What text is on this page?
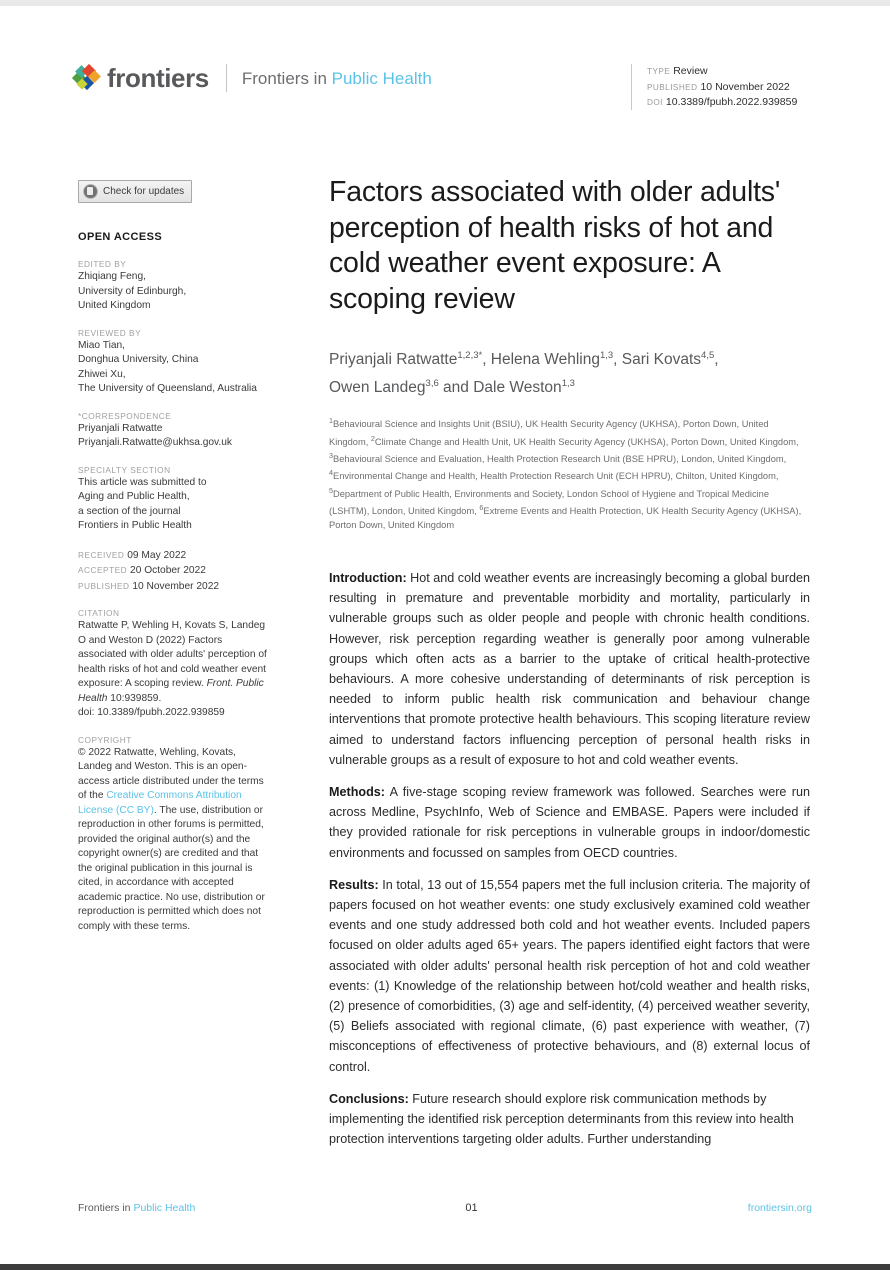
frontiers Frontiers in Public Health	TYPE Review
PUBLISHED 10 November 2022
DOI 10.3389/fpubh.2022.939859
Check for updates
OPEN ACCESS
EDITED BY
Zhiqiang Feng,
University of Edinburgh,
United Kingdom
REVIEWED BY
Miao Tian,
Donghua University, China
Zhiwei Xu,
The University of Queensland, Australia
*CORRESPONDENCE
Priyanjali Ratwatte
Priyanjali.Ratwatte@ukhsa.gov.uk
SPECIALTY SECTION
This article was submitted to
Aging and Public Health,
a section of the journal
Frontiers in Public Health
RECEIVED 09 May 2022
ACCEPTED 20 October 2022
PUBLISHED 10 November 2022
CITATION
Ratwatte P, Wehling H, Kovats S, Landeg O and Weston D (2022) Factors associated with older adults' perception of health risks of hot and cold weather event exposure: A scoping review. Front. Public Health 10:939859.
doi: 10.3389/fpubh.2022.939859
COPYRIGHT
© 2022 Ratwatte, Wehling, Kovats, Landeg and Weston. This is an open-access article distributed under the terms of the Creative Commons Attribution License (CC BY). The use, distribution or reproduction in other forums is permitted, provided the original author(s) and the copyright owner(s) are credited and that the original publication in this journal is cited, in accordance with accepted academic practice. No use, distribution or reproduction is permitted which does not comply with these terms.
Factors associated with older adults' perception of health risks of hot and cold weather event exposure: A scoping review
Priyanjali Ratwatte$^{1,2,3*}$, Helena Wehling$^{1,3}$, Sari Kovats$^{4,5}$,
Owen Landeg$^{3,6}$ and Dale Weston$^{1,3}$
$^1$Behavioural Science and Insights Unit (BSIU), UK Health Security Agency (UKHSA), Porton Down, United Kingdom, $^2$Climate Change and Health Unit, UK Health Security Agency (UKHSA), Porton Down, United Kingdom, $^3$Behavioural Science and Evaluation, Health Protection Research Unit (BSE HPRU), London, United Kingdom, $^4$Environmental Change and Health, Health Protection Research Unit (ECH HPRU), Chilton, United Kingdom, $^5$Department of Public Health, Environments and Society, London School of Hygiene and Tropical Medicine (LSHTM), London, United Kingdom, $^6$Extreme Events and Health Protection, UK Health Security Agency (UKHSA), Porton Down, United Kingdom

Introduction: Hot and cold weather events are increasingly becoming a global burden resulting in premature and preventable morbidity and mortality, particularly in vulnerable groups such as older people and people with chronic health conditions. However, risk perception regarding weather is generally poor among vulnerable groups which often acts as a barrier to the uptake of critical health-protective behaviours. A more cohesive understanding of determinants of risk perception is needed to inform public health risk communication and behaviour change interventions that promote protective health behaviours. This scoping literature review aimed to understand factors influencing perception of personal health risks in vulnerable groups as a result of exposure to hot and cold weather events.

Methods: A five-stage scoping review framework was followed. Searches were run across Medline, PsychInfo, Web of Science and EMBASE. Papers were included if they provided rationale for risk perceptions in vulnerable groups in indoor/domestic environments and focussed on samples from OECD countries.

Results: In total, 13 out of 15,554 papers met the full inclusion criteria. The majority of papers focused on hot weather events: one study exclusively examined cold weather events and one study addressed both cold and hot weather events. Included papers focused on older adults aged 65+ years. The papers identified eight factors that were associated with older adults' personal health risk perception of hot and cold weather events: (1) Knowledge of the relationship between hot/cold weather and health risks, (2) presence of comorbidities, (3) age and self-identity, (4) perceived weather severity, (5) Beliefs associated with regional climate, (6) past experience with weather, (7) misconceptions of effectiveness of protective behaviours, and (8) external locus of control.

Conclusions: Future research should explore risk communication methods by implementing the identified risk perception determinants from this review into health protection interventions targeting older adults. Further understanding

Frontiers in Public Health	01	frontiersin.org
